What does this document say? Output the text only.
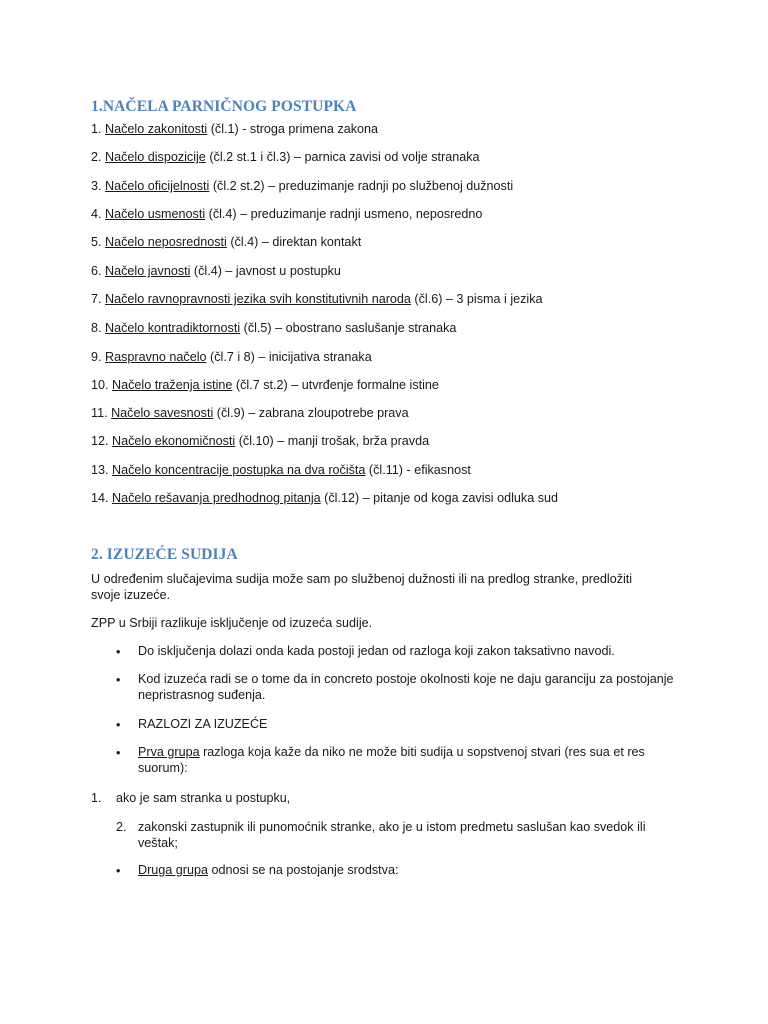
1.NAČELA PARNIČNOG POSTUPKA
1. Načelo zakonitosti (čl.1) - stroga primena zakona
2. Načelo dispozicije (čl.2 st.1 i čl.3) – parnica zavisi od volje stranaka
3. Načelo oficijelnosti (čl.2 st.2) – preduzimanje radnji po službenoj dužnosti
4. Načelo usmenosti (čl.4) – preduzimanje radnji usmeno, neposredno
5. Načelo neposrednosti (čl.4) – direktan kontakt
6. Načelo javnosti (čl.4) – javnost u postupku
7. Načelo ravnopravnosti jezika svih konstitutivnih naroda (čl.6) – 3 pisma i jezika
8. Načelo kontradiktornosti (čl.5) – obostrano saslušanje stranaka
9. Raspravno načelo (čl.7 i 8) – inicijativa stranaka
10. Načelo traženja istine (čl.7 st.2) – utvrđenje formalne istine
11. Načelo savesnosti (čl.9) – zabrana zloupotrebe prava
12. Načelo ekonomičnosti (čl.10) – manji trošak, brža pravda
13. Načelo koncentracije postupka na dva ročišta (čl.11) - efikasnost
14. Načelo rešavanja predhodnog pitanja (čl.12) – pitanje od koga zavisi odluka sud
2. IZUZEĆE SUDIJA
U određenim slučajevima sudija može sam po službenoj dužnosti ili na predlog stranke, predložiti svoje izuzeće.
ZPP u Srbiji razlikuje isključenje od izuzeća sudije.
• Do isključenja dolazi onda kada postoji jedan od razloga koji zakon taksativno navodi.
• Kod izuzeća radi se o tome da in concreto postoje okolnosti koje ne daju garanciju za postojanje nepristrasnog suđenja.
• RAZLOZI ZA IZUZEĆE
• Prva grupa razloga koja kaže da niko ne može biti sudija u sopstvenoj stvari (res sua et res suorum):
1. ako je sam stranka u postupku,
2. zakonski zastupnik ili punomoćnik stranke, ako je u istom predmetu saslušan kao svedok ili veštak;
• Druga grupa odnosi se na postojanje srodstva:
